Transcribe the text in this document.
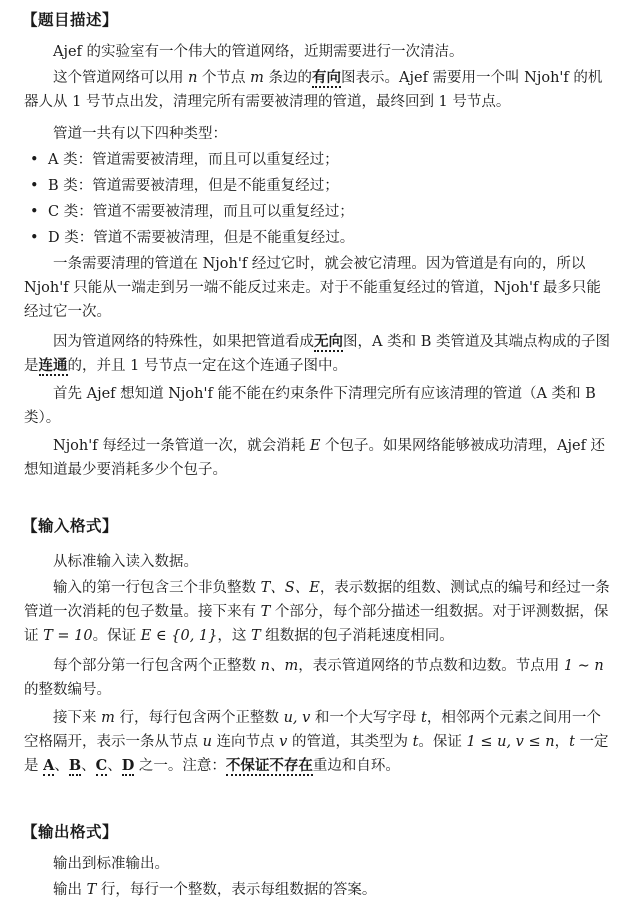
【题目描述】

Ajef 的实验室有一个伟大的管道网络，近期需要进行一次清洁。

这个管道网络可以用 n 个节点 m 条边的有向图表示。Ajef 需要用一个叫 Njoh'f 的机器人从 1 号节点出发，清理完所有需要被清理的管道，最终回到 1 号节点。

管道一共有以下四种类型：

• A 类：管道需要被清理，而且可以重复经过；
• B 类：管道需要被清理，但是不能重复经过；
• C 类：管道不需要被清理，而且可以重复经过；
• D 类：管道不需要被清理，但是不能重复经过。

一条需要清理的管道在 Njoh'f 经过它时，就会被它清理。因为管道是有向的，所以 Njoh'f 只能从一端走到另一端不能反过来走。对于不能重复经过的管道，Njoh'f 最多只能经过它一次。

因为管道网络的特殊性，如果把管道看成无向图，A 类和 B 类管道及其端点构成的子图是连通的，并且 1 号节点一定在这个连通子图中。

首先 Ajef 想知道 Njoh'f 能不能在约束条件下清理完所有应该清理的管道（A 类和 B 类）。

Njoh'f 每经过一条管道一次，就会消耗 E 个包子。如果网络能够被成功清理，Ajef 还想知道最少要消耗多少个包子。

【输入格式】

从标准输入读入数据。

输入的第一行包含三个非负整数 T、S、E，表示数据的组数、测试点的编号和经过一条管道一次消耗的包子数量。接下来有 T 个部分，每个部分描述一组数据。对于评测数据，保证 T = 10。保证 E ∈ {0, 1}，这 T 组数据的包子消耗速度相同。

每个部分第一行包含两个正整数 n、m，表示管道网络的节点数和边数。节点用 1 ∼ n 的整数编号。

接下来 m 行，每行包含两个正整数 u, v 和一个大写字母 t，相邻两个元素之间用一个空格隔开，表示一条从节点 u 连向节点 v 的管道，其类型为 t。保证 1 ≤ u, v ≤ n，t 一定是 A、B、C、D 之一。注意：不保证不存在重边和自环。

【输出格式】

输出到标准输出。

输出 T 行，每行一个整数，表示每组数据的答案。
